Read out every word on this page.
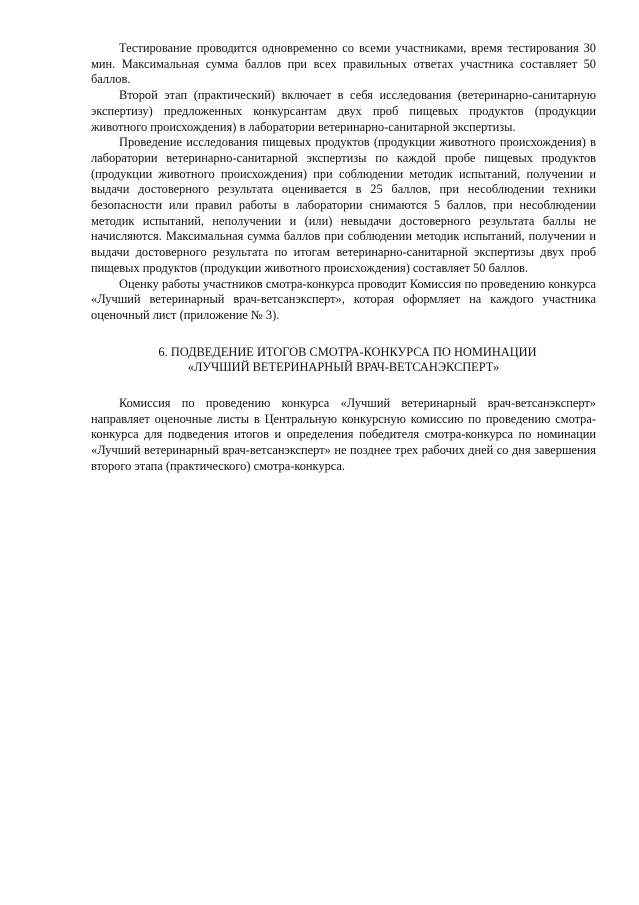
Тестирование проводится одновременно со всеми участниками, время тестирования 30 мин. Максимальная сумма баллов при всех правильных ответах участника составляет 50 баллов.

Второй этап (практический) включает в себя исследования (ветеринарно-санитарную экспертизу) предложенных конкурсантам двух проб пищевых продуктов (продукции животного происхождения) в лаборатории ветеринарно-санитарной экспертизы.

Проведение исследования пищевых продуктов (продукции животного происхождения) в лаборатории ветеринарно-санитарной экспертизы по каждой пробе пищевых продуктов (продукции животного происхождения) при соблюдении методик испытаний, получении и выдачи достоверного результата оценивается в 25 баллов, при несоблюдении техники безопасности или правил работы в лаборатории снимаются 5 баллов, при несоблюдении методик испытаний, неполучении и (или) невыдачи достоверного результата баллы не начисляются. Максимальная сумма баллов при соблюдении методик испытаний, получении и выдачи достоверного результата по итогам ветеринарно-санитарной экспертизы двух проб пищевых продуктов (продукции животного происхождения) составляет 50 баллов.

Оценку работы участников смотра-конкурса проводит Комиссия по проведению конкурса «Лучший ветеринарный врач-ветсанэксперт», которая оформляет на каждого участника оценочный лист (приложение № 3).

6. ПОДВЕДЕНИЕ ИТОГОВ СМОТРА-КОНКУРСА ПО НОМИНАЦИИ
«ЛУЧШИЙ ВЕТЕРИНАРНЫЙ ВРАЧ-ВЕТСАНЭКСПЕРТ»

Комиссия по проведению конкурса «Лучший ветеринарный врач-ветсанэксперт» направляет оценочные листы в Центральную конкурсную комиссию по проведению смотра-конкурса для подведения итогов и определения победителя смотра-конкурса по номинации «Лучший ветеринарный врач-ветсанэксперт» не позднее трех рабочих дней со дня завершения второго этапа (практического) смотра-конкурса.
